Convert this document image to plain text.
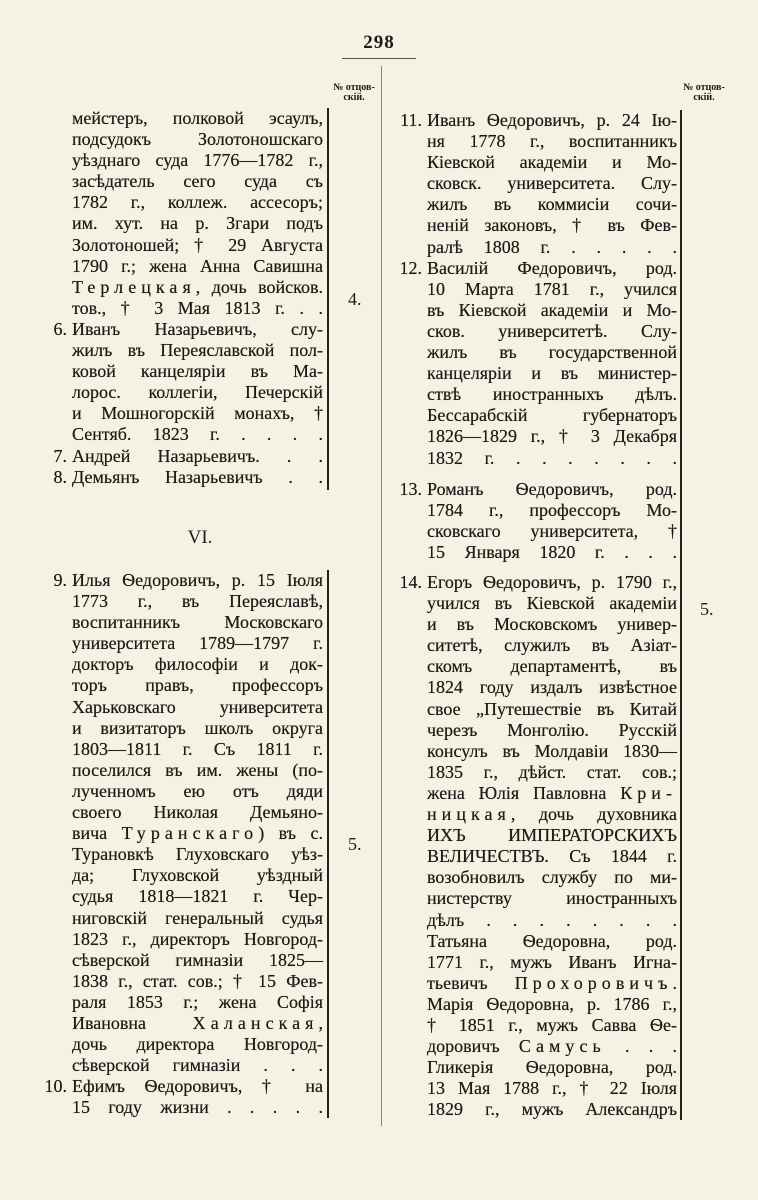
298
№ отцов-скій.
№ отцов-скій.
4.
5.
5.
VI.
мейстеръ, полковой эсаулъ,
подсудокъ Золотоношскаго
уѣзднаго суда 1776—1782 г.,
засѣдатель сего суда съ
1782 г., коллеж. ассесоръ;
им. хут. на р. Згари подъ
Золотоношей; † 29 Августа
1790 г.; жена Анна Савишна
Терлецкая, дочь войсков.
тов., † 3 Мая 1813 г. . .
6. Иванъ Назарьевичъ, слу-
жилъ въ Переяславской пол-
ковой канцеляріи въ Ма-
лорос. коллегіи, Печерскій
и Мошногорскій монахъ, †
Сентяб. 1823 г. . . . .
7. Андрей Назарьевичъ. . .
8. Демьянъ Назарьевичъ . .
9. Илья Ѳедоровичъ, р. 15 Іюля
1773 г., въ Переяславѣ,
воспитанникъ Московскаго
университета 1789—1797 г.
докторъ философіи и док-
торъ правъ, профессоръ
Харьковскаго университета
и визитаторъ школъ округа
1803—1811 г. Съ 1811 г.
поселился въ им. жены (по-
лученномъ ею отъ дяди
своего Николая Демьяно-
вича Туранскаго) въ с.
Турановкѣ Глуховскаго уѣз-
да; Глуховской уѣздный
судья 1818—1821 г. Чер-
ниговскій генеральный судья
1823 г., директоръ Новгород-
сѣверской гимназіи 1825—
1838 г., стат. сов.; † 15 Фев-
раля 1853 г.; жена Софія
Ивановна Халанская,
дочь директора Новгород-
сѣверской гимназіи . . .
10. Ефимъ Ѳедоровичъ, † на
15 году жизни . . . . .
11. Иванъ Ѳедоровичъ, р. 24 Ію-
ня 1778 г., воспитанникъ
Кіевской академіи и Мо-
сковск. университета. Слу-
жилъ въ коммисіи сочи-
неній законовъ, † въ Фев-
ралѣ 1808 г. . . . . .
12. Василій Федоровичъ, род.
10 Марта 1781 г., учился
въ Кіевской академіи и Мо-
сков. университетѣ. Слу-
жилъ въ государственной
канцеляріи и въ министер-
ствѣ иностранныхъ дѣлъ.
Бессарабскій губернаторъ
1826—1829 г., † 3 Декабря
1832 г. . . . . . . .
13. Романъ Ѳедоровичъ, род.
1784 г., профессоръ Мо-
сковскаго университета, †
15 Января 1820 г. . . .
14. Егоръ Ѳедоровичъ, р. 1790 г.,
учился въ Кіевской академіи
и въ Московскомъ универ-
ситетѣ, служилъ въ Азіат-
скомъ департаментѣ, въ
1824 году издалъ извѣстное
свое „Путешествіе въ Китай
черезъ Монголію. Русскій
консулъ въ Молдавіи 1830—
1835 г., дѣйст. стат. сов.;
жена Юлія Павловна Кри-
ницкая, дочь духовника
ИХЪ ИМПЕРАТОРСКИХЪ
ВЕЛИЧЕСТВЪ. Съ 1844 г.
возобновилъ службу по ми-
нистерству иностранныхъ
дѣлъ . . . . . . . .
Татьяна Ѳедоровна, род.
1771 г., мужъ Иванъ Игна-
тьевичъ Прохоровичъ.
Марія Ѳедоровна, р. 1786 г.,
† 1851 г., мужъ Савва Ѳе-
доровичъ Самусь . . .
Гликерія Ѳедоровна, род.
13 Мая 1788 г., † 22 Іюля
1829 г., мужъ Александръ
